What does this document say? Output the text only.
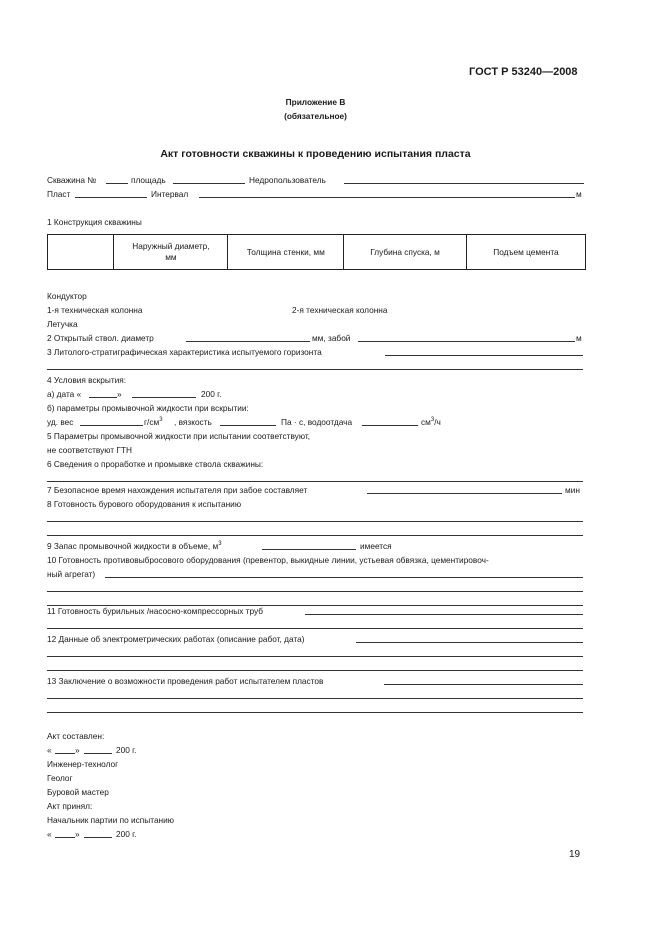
ГОСТ Р 53240—2008
Приложение В
(обязательное)
Акт готовности скважины к проведению испытания пласта
Скважина №	площадь	Недропользователь
Пласт	Интервал	м
1 Конструкция скважины
	Наружный диаметр, мм	Толщина стенки, мм	Глубина спуска, м	Подъем цемента
Кондуктор
1-я техническая колонна	2-я техническая колонна
Летучка
2 Открытый ствол. диаметр	мм, забой	м
3 Литолого-стратиграфическая характеристика испытуемого горизонта
4 Условия вскрытия:
а) дата «	»	200 г.
б) параметры промывочной жидкости при вскрытии:
уд. вес	$г/см^3$ , вязкость	Па · с, водоотдача	$см^3/ч$
5 Параметры промывочной жидкости при испытании соответствуют,
не соответствуют ГТН
6 Сведения о проработке и промывке ствола скважины:
7 Безопасное время нахождения испытателя при забое составляет	мин
8 Готовность бурового оборудования к испытанию
9 Запас промывочной жидкости в объеме, $м^3$	имеется
10 Готовность противовыбросового оборудования (превентор, выкидные линии, устьевая обвязка, цементировоч-
ный агрегат)
11 Готовность бурильных /насосно-компрессорных труб
12 Данные об электрометрических работах (описание работ, дата)
13 Заключение о возможности проведения работ испытателем пластов
Акт составлен:
«	»	200 г.
Инженер-технолог
Геолог
Буровой мастер
Акт принял:
Начальник партии по испытанию
«	»	200 г.
19
